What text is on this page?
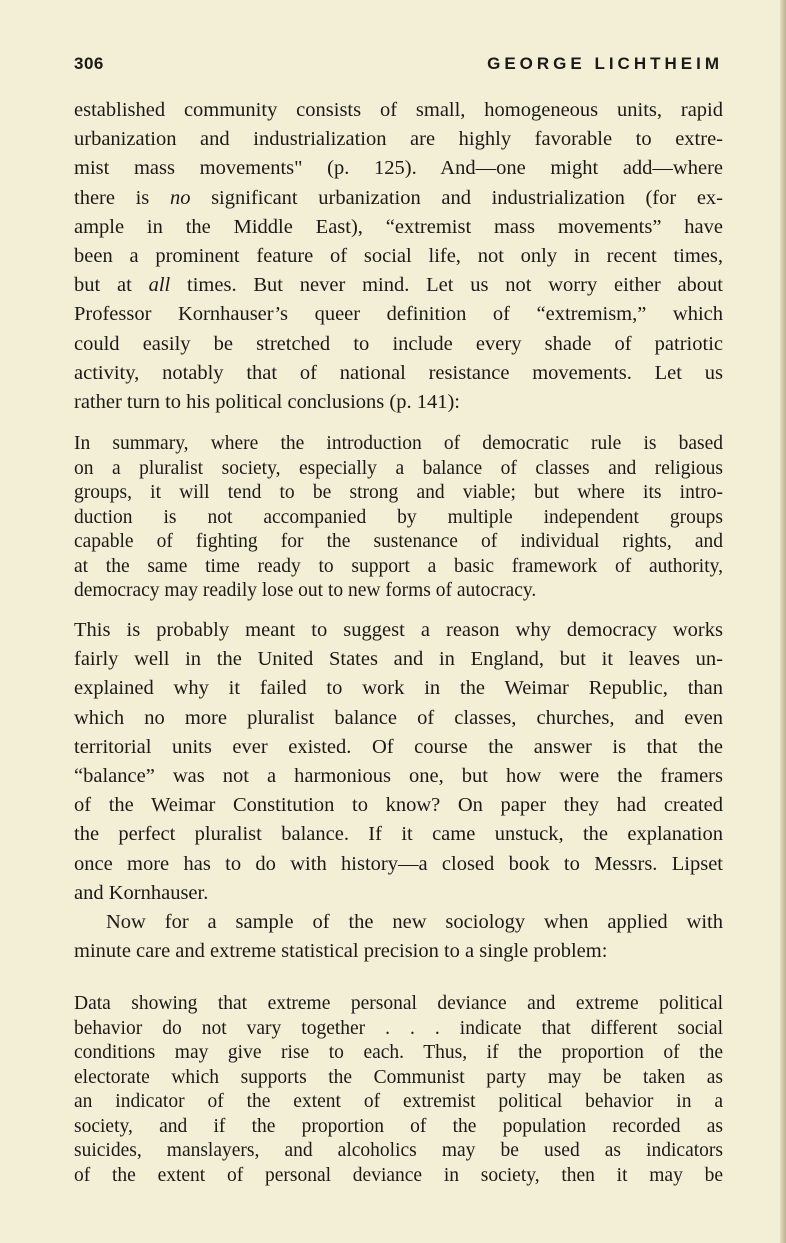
306	GEORGE LICHTHEIM

established community consists of small, homogeneous units, rapid
urbanization and industrialization are highly favorable to extre-
mist mass movements" (p. 125). And—one might add—where
there is no significant urbanization and industrialization (for ex-
ample in the Middle East), “extremist mass movements” have
been a prominent feature of social life, not only in recent times,
but at all times. But never mind. Let us not worry either about
Professor Kornhauser’s queer definition of “extremism,” which
could easily be stretched to include every shade of patriotic
activity, notably that of national resistance movements. Let us
rather turn to his political conclusions (p. 141):

In summary, where the introduction of democratic rule is based
on a pluralist society, especially a balance of classes and religious
groups, it will tend to be strong and viable; but where its intro-
duction is not accompanied by multiple independent groups
capable of fighting for the sustenance of individual rights, and
at the same time ready to support a basic framework of authority,
democracy may readily lose out to new forms of autocracy.

This is probably meant to suggest a reason why democracy works
fairly well in the United States and in England, but it leaves un-
explained why it failed to work in the Weimar Republic, than
which no more pluralist balance of classes, churches, and even
territorial units ever existed. Of course the answer is that the
“balance” was not a harmonious one, but how were the framers
of the Weimar Constitution to know? On paper they had created
the perfect pluralist balance. If it came unstuck, the explanation
once more has to do with history—a closed book to Messrs. Lipset
and Kornhauser.

Now for a sample of the new sociology when applied with
minute care and extreme statistical precision to a single problem:

Data showing that extreme personal deviance and extreme political
behavior do not vary together . . . indicate that different social
conditions may give rise to each. Thus, if the proportion of the
electorate which supports the Communist party may be taken as
an indicator of the extent of extremist political behavior in a
society, and if the proportion of the population recorded as
suicides, manslayers, and alcoholics may be used as indicators
of the extent of personal deviance in society, then it may be
